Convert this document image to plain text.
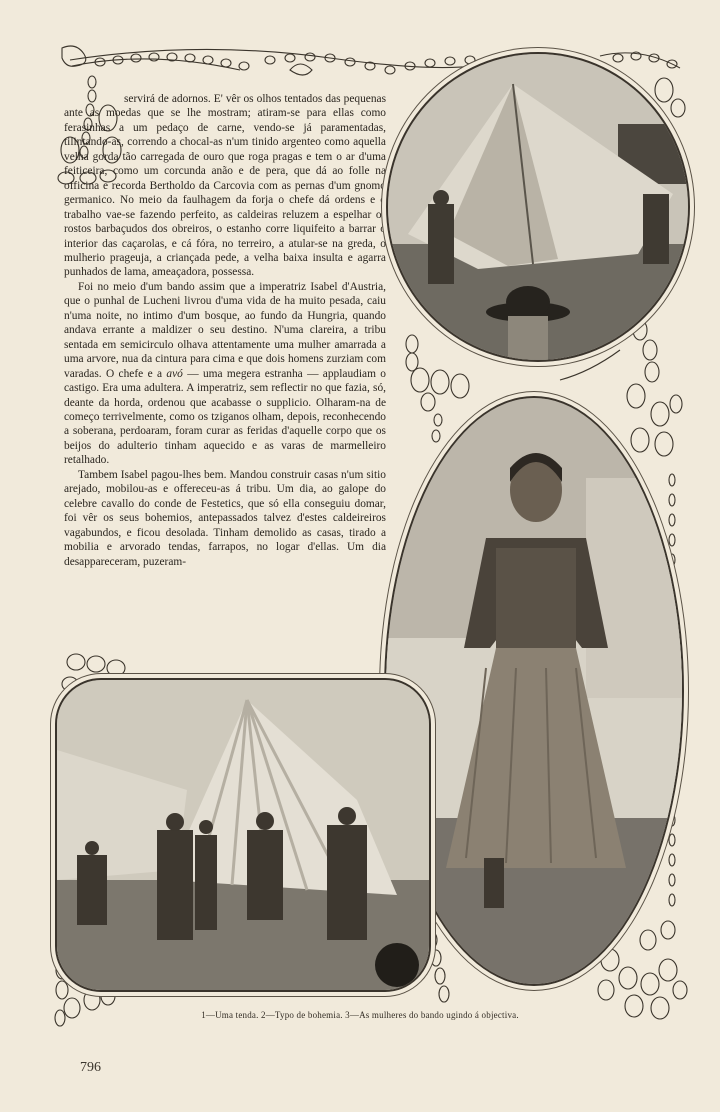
servirá de adornos. E' vêr os olhos tentados das pequenas ante as moedas que se lhe mostram; atiram-se para ellas como ferasinhas a um pedaço de carne, vendo-se já paramentadas, tilintando-as, correndo a chocal-as n'um tinido argenteo como aquella velha gorda tão carregada de ouro que roga pragas e tem o ar d'uma feiticeira, como um corcunda anão e de pera, que dá ao folle na officina e recorda Bertholdo da Carcovia com as pernas d'um gnomo germanico. No meio da faulhagem da forja o chefe dá ordens e o trabalho vae-se fazendo perfeito, as caldeiras reluzem a espelhar os rostos barbaçudos dos obreiros, o estanho corre liquifeito a barrar o interior das caçarolas, e cá fóra, no terreiro, a atular-se na greda, o mulherio prageuja, a criançada pede, a velha baixa insulta e agarra punhados de lama, ameaçadora, possessa.

Foi no meio d'um bando assim que a imperatriz Isabel d'Austria, que o punhal de Lucheni livrou d'uma vida de ha muito pesada, caiu n'uma noite, no intimo d'um bosque, ao fundo da Hungria, quando andava errante a maldizer o seu destino. N'uma clareira, a tribu sentada em semicirculo olhava attentamente uma mulher amarrada a uma arvore, nua da cintura para cima e que dois homens zurziam com varadas. O chefe e a avó — uma megera estranha — applaudiam o castigo. Era uma adultera. A imperatriz, sem reflectir no que fazia, só, deante da horda, ordenou que acabasse o supplicio. Olharam-na de começo terrivelmente, como os tziganos olham, depois, reconhecendo a soberana, perdoaram, foram curar as feridas d'aquelle corpo que os beijos do adulterio tinham aquecido e as varas de marmelleiro retalhado.

Tambem Isabel pagou-lhes bem. Mandou construir casas n'um sitio arejado, mobilou-as e offereceu-as á tribu. Um dia, ao galope do celebre cavallo do conde de Festetics, que só ella conseguiu domar, foi vêr os seus bohemios, antepassados talvez d'estes caldeireiros vagabundos, e ficou desolada. Tinham demolido as casas, tirado a mobilia e arvorado tendas, farrapos, no logar d'ellas. Um dia desappareceram, puzeram-

1—Uma tenda. 2—Typo de bohemia. 3—As mulheres do bando ugindo á objectiva.
796
